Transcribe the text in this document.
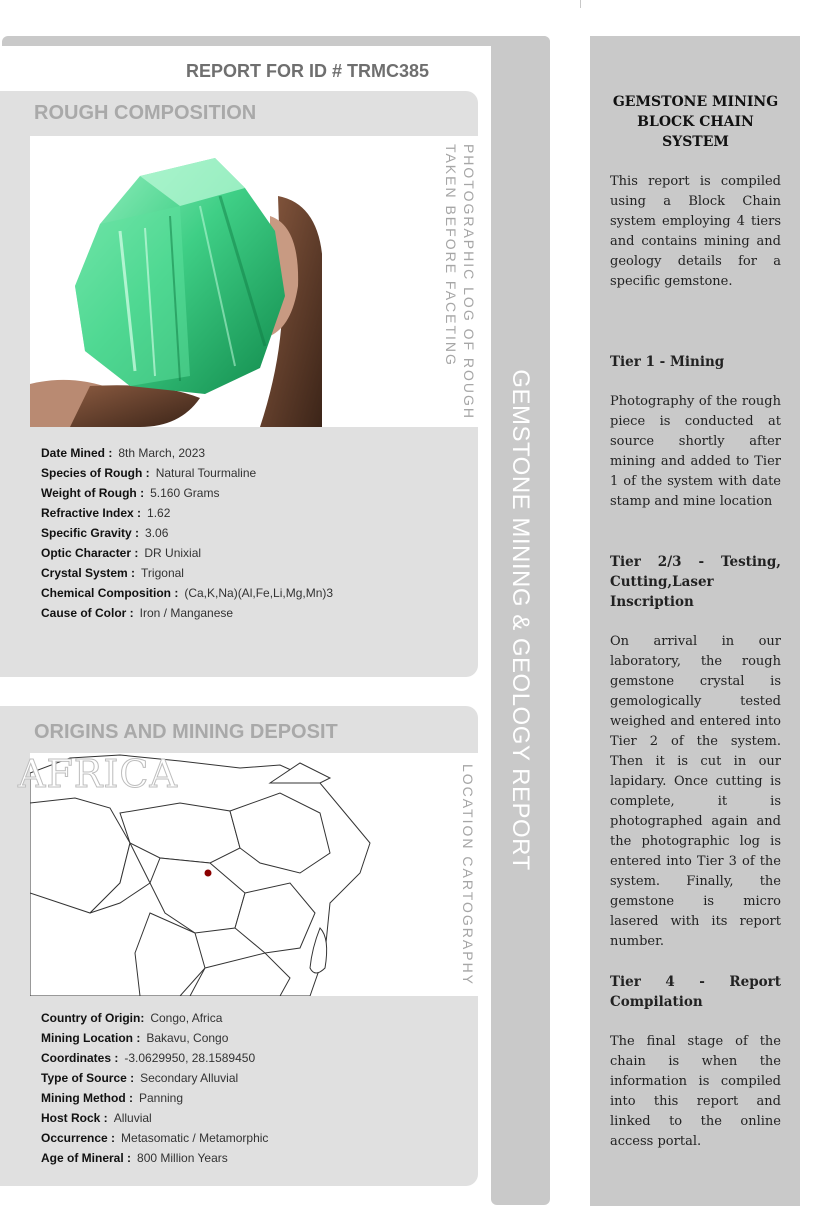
GEMSTONE MINING & GEOLOGY REPORT
REPORT FOR ID # TRMC385
ROUGH COMPOSITION
PHOTOGRAPHIC LOG OF ROUGH
TAKEN BEFORE FACETING
Date Mined : 8th March, 2023
Species of Rough : Natural Tourmaline
Weight of Rough : 5.160 Grams
Refractive Index : 1.62
Specific Gravity : 3.06
Optic Character : DR Unixial
Crystal System : Trigonal
Chemical Composition : (Ca,K,Na)(Al,Fe,Li,Mg,Mn)3
Cause of Color : Iron / Manganese
ORIGINS AND MINING DEPOSIT
AFRICA	LOCATION CARTOGRAPHY
Country of Origin: Congo, Africa
Mining Location : Bakavu, Congo
Coordinates : -3.0629950, 28.1589450
Type of Source : Secondary Alluvial
Mining Method : Panning
Host Rock : Alluvial
Occurrence : Metasomatic / Metamorphic
Age of Mineral : 800 Million Years
GEMSTONE MINING BLOCK CHAIN SYSTEM
This report is compiled using a Block Chain system employing 4 tiers and contains mining and geology details for a specific gemstone.
Tier 1 - Mining
Photography of the rough piece is conducted at source shortly after mining and added to Tier 1 of the system with date stamp and mine location
Tier 2/3 - Testing, Cutting,Laser Inscription
On arrival in our laboratory, the rough gemstone crystal is gemologically tested weighed and entered into Tier 2 of the system. Then it is cut in our lapidary. Once cutting is complete, it is photographed again and the photographic log is entered into Tier 3 of the system. Finally, the gemstone is micro lasered with its report number.
Tier 4 - Report Compilation
The final stage of the chain is when the information is compiled into this report and linked to the online access portal.
